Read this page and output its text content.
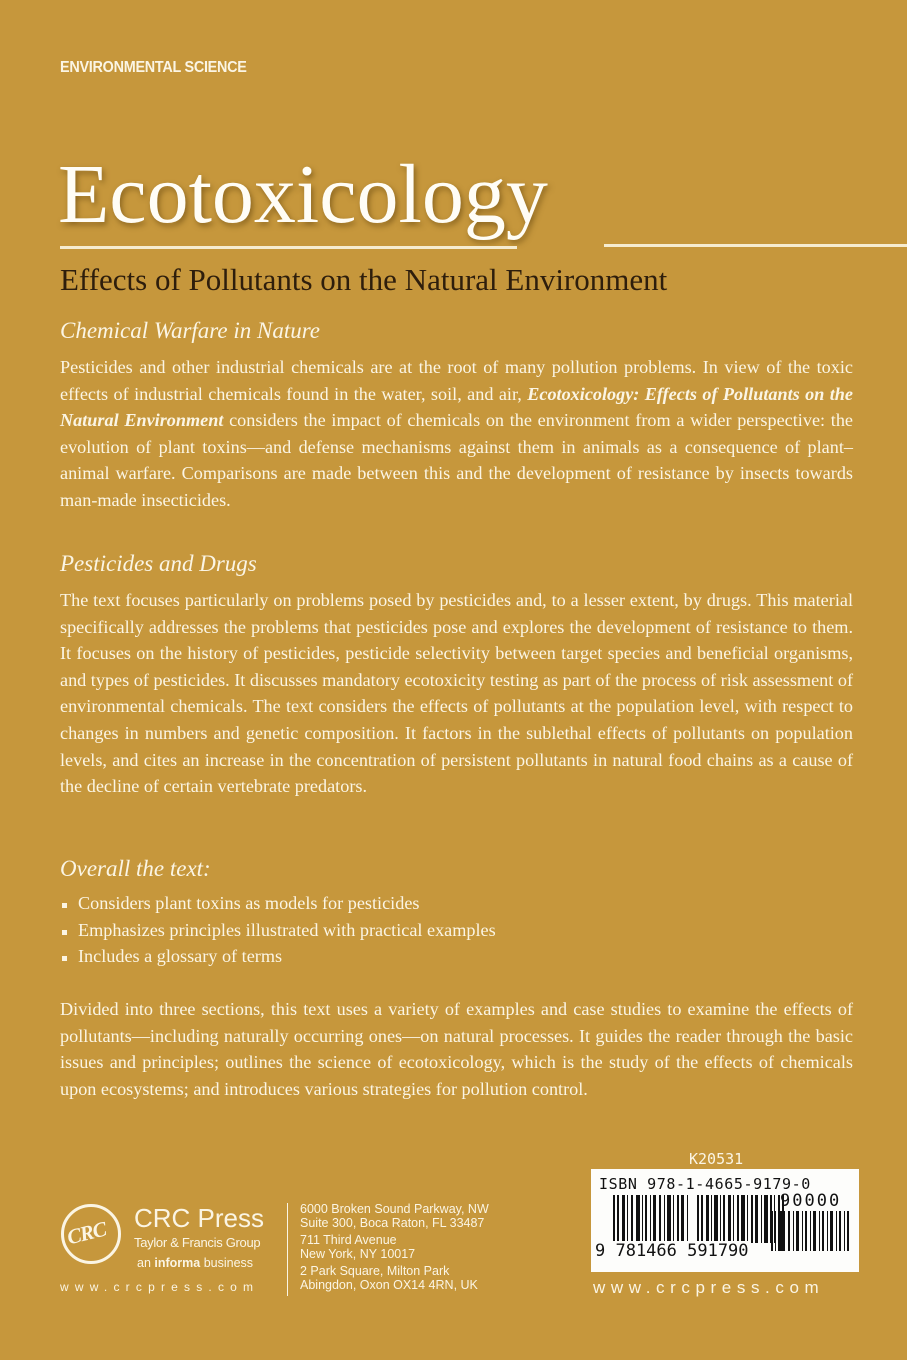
ENVIRONMENTAL SCIENCE
Ecotoxicology
Effects of Pollutants on the Natural Environment
Chemical Warfare in Nature
Pesticides and other industrial chemicals are at the root of many pollution problems. In view of the toxic effects of industrial chemicals found in the water, soil, and air, Ecotoxicology: Effects of Pollutants on the Natural Environment considers the impact of chemicals on the environment from a wider perspective: the evolution of plant toxins—and defense mechanisms against them in animals as a consequence of plant–animal warfare. Comparisons are made between this and the development of resistance by insects towards man-made insecticides.
Pesticides and Drugs
The text focuses particularly on problems posed by pesticides and, to a lesser extent, by drugs. This material specifically addresses the problems that pesticides pose and explores the development of resistance to them. It focuses on the history of pesticides, pesticide selectivity between target species and beneficial organisms, and types of pesticides. It discusses mandatory ecotoxicity testing as part of the process of risk assessment of environmental chemicals. The text considers the effects of pollutants at the population level, with respect to changes in numbers and genetic composition. It factors in the sublethal effects of pollutants on population levels, and cites an increase in the concentration of persistent pollutants in natural food chains as a cause of the decline of certain vertebrate predators.
Overall the text:
Considers plant toxins as models for pesticides
Emphasizes principles illustrated with practical examples
Includes a glossary of terms
Divided into three sections, this text uses a variety of examples and case studies to examine the effects of pollutants—including naturally occurring ones—on natural processes. It guides the reader through the basic issues and principles; outlines the science of ecotoxicology, which is the study of the effects of chemicals upon ecosystems; and introduces various strategies for pollution control.
CRC CRC Press
Taylor & Francis Group
an informa business
www.crcpress.com
6000 Broken Sound Parkway, NW
Suite 300, Boca Raton, FL 33487
711 Third Avenue
New York, NY 10017
2 Park Square, Milton Park
Abingdon, Oxon OX14 4RN, UK
K20531
ISBN 978-1-4665-9179-0
90000
9 781466 591790
www.crcpress.com
